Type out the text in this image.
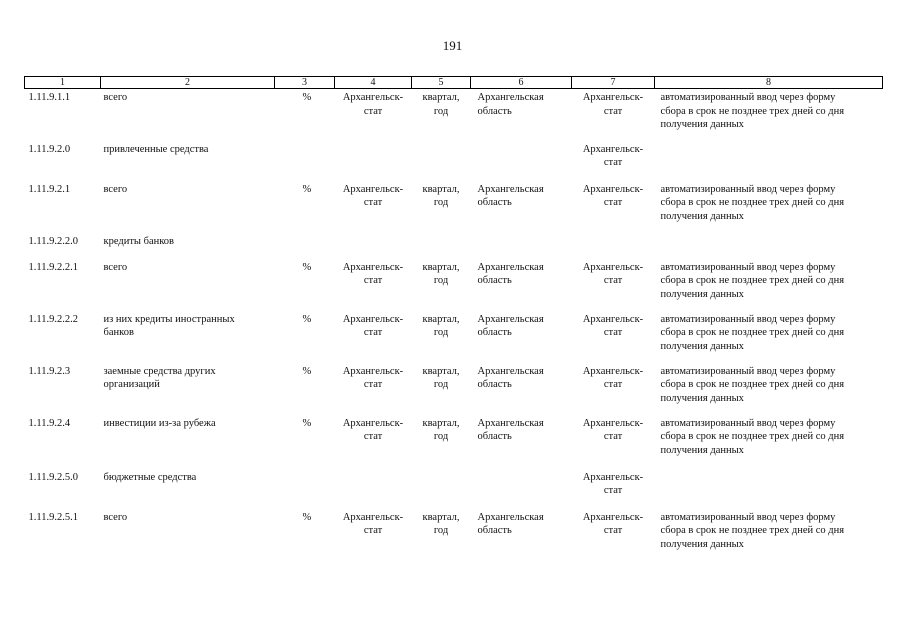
191
1	2	3	4	5	6	7	8

1.11.9.1.1	всего	%	Архангельск-
стат	квартал,
год	Архангельская
область	Архангельск-
стат	автоматизированный ввод через форму
сбора в срок не позднее трех дней со дня
получения данных

1.11.9.2.0	привлеченные средства					Архангельск-
стат	

1.11.9.2.1	всего	%	Архангельск-
стат	квартал,
год	Архангельская
область	Архангельск-
стат	автоматизированный ввод через форму
сбора в срок не позднее трех дней со дня
получения данных

1.11.9.2.2.0	кредиты банков						

1.11.9.2.2.1	всего	%	Архангельск-
стат	квартал,
год	Архангельская
область	Архангельск-
стат	автоматизированный ввод через форму
сбора в срок не позднее трех дней со дня
получения данных

1.11.9.2.2.2	из них кредиты иностранных
банков	%	Архангельск-
стат	квартал,
год	Архангельская
область	Архангельск-
стат	автоматизированный ввод через форму
сбора в срок не позднее трех дней со дня
получения данных

1.11.9.2.3	заемные средства других
организаций	%	Архангельск-
стат	квартал,
год	Архангельская
область	Архангельск-
стат	автоматизированный ввод через форму
сбора в срок не позднее трех дней со дня
получения данных

1.11.9.2.4	инвестиции из-за рубежа	%	Архангельск-
стат	квартал,
год	Архангельская
область	Архангельск-
стат	автоматизированный ввод через форму
сбора в срок не позднее трех дней со дня
получения данных

1.11.9.2.5.0	бюджетные средства					Архангельск-
стат	

1.11.9.2.5.1	всего	%	Архангельск-
стат	квартал,
год	Архангельская
область	Архангельск-
стат	автоматизированный ввод через форму
сбора в срок не позднее трех дней со дня
получения данных
